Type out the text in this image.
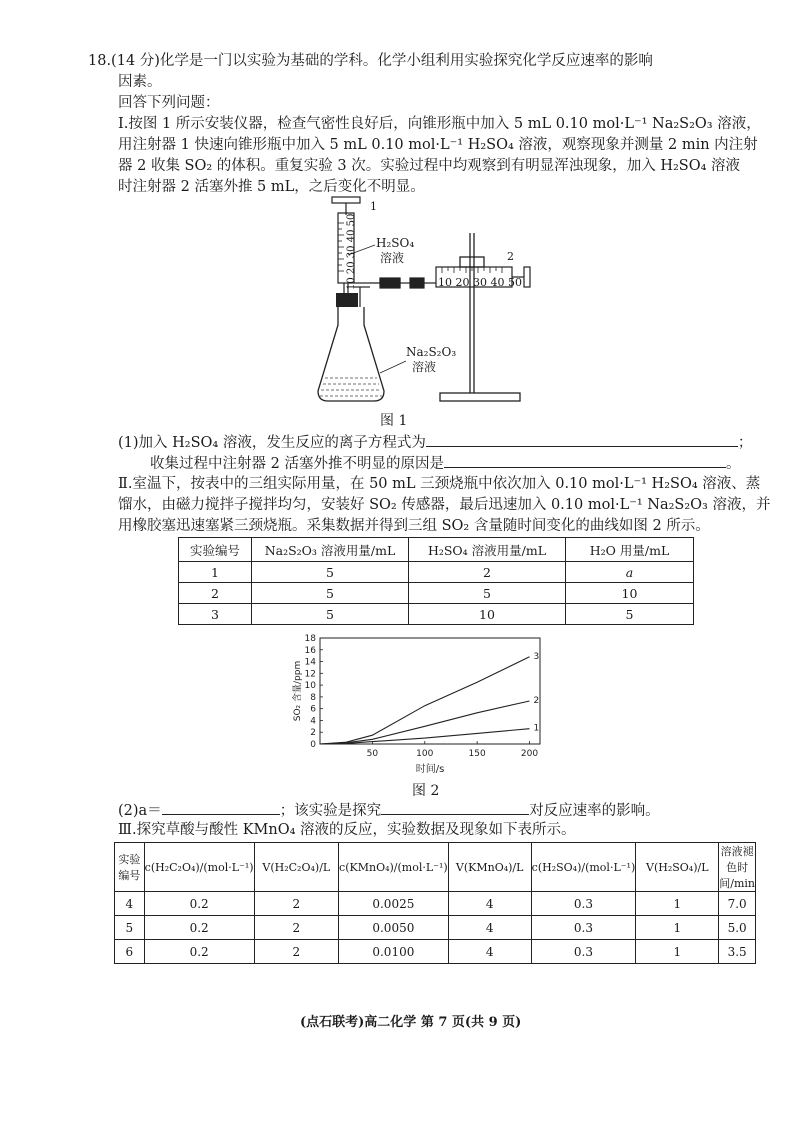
18.(14 分)化学是一门以实验为基础的学科。化学小组利用实验探究化学反应速率的影响
因素。
回答下列问题：
Ⅰ.按图 1 所示安装仪器，检查气密性良好后，向锥形瓶中加入 5 mL 0.10 mol·L⁻¹ Na₂S₂O₃ 溶液，
用注射器 1 快速向锥形瓶中加入 5 mL 0.10 mol·L⁻¹ H₂SO₄ 溶液，观察现象并测量 2 min 内注射
器 2 收集 SO₂ 的体积。重复实验 3 次。实验过程中均观察到有明显浑浊现象，加入 H₂SO₄ 溶液
时注射器 2 活塞外推 5 mL，之后变化不明显。
1
10 20 30 40 50 H₂SO₄
溶液	2
10 20 30 40 50
Na₂S₂O₃
溶液
图 1
(1)加入 H₂SO₄ 溶液，发生反应的离子方程式为	；
收集过程中注射器 2 活塞外推不明显的原因是	。
Ⅱ.室温下，按表中的三组实际用量，在 50 mL 三颈烧瓶中依次加入 0.10 mol·L⁻¹ H₂SO₄ 溶液、蒸
馏水，由磁力搅拌子搅拌均匀，安装好 SO₂ 传感器，最后迅速加入 0.10 mol·L⁻¹ Na₂S₂O₃ 溶液，并
用橡胶塞迅速塞紧三颈烧瓶。采集数据并得到三组 SO₂ 含量随时间变化的曲线如图 2 所示。
实验编号	Na₂S₂O₃ 溶液用量/mL	H₂SO₄ 溶液用量/mL	H₂O 用量/mL
1	5	2	a
2	5	5	10
3	5	10	5
0
2
4
6
8
10
12
14
16
18
50	100	150	200
时间/s
SO₂ 含量/ppm
1
2
3
图 2
(2)a＝	；该实验是探究	对反应速率的影响。
Ⅲ.探究草酸与酸性 KMnO₄ 溶液的反应，实验数据及现象如下表所示。
实验编号	c(H₂C₂O₄)/(mol·L⁻¹)	V(H₂C₂O₄)/L	c(KMnO₄)/(mol·L⁻¹)	V(KMnO₄)/L	c(H₂SO₄)/(mol·L⁻¹)	V(H₂SO₄)/L	溶液褪色时间/min
4	0.2	2	0.0025	4	0.3	1	7.0
5	0.2	2	0.0050	4	0.3	1	5.0
6	0.2	2	0.0100	4	0.3	1	3.5
(点石联考)高二化学 第 7 页(共 9 页)
